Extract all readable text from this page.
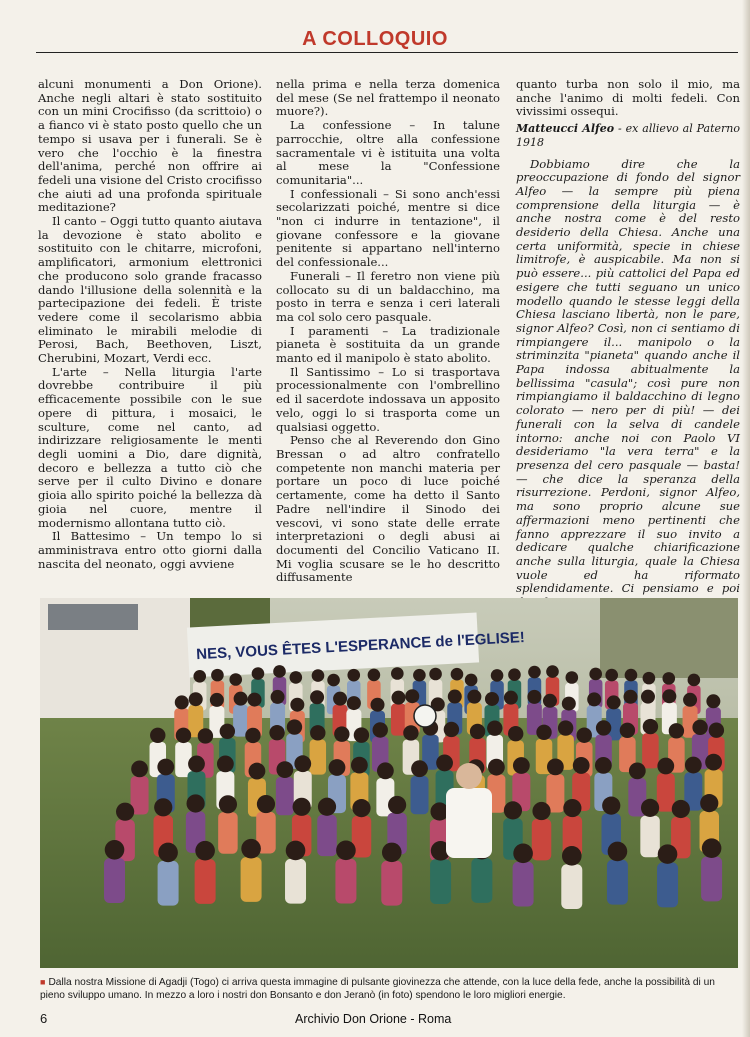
A COLLOQUIO

alcuni monumenti a Don Orione). Anche negli altari è stato sostituito con un mini Crocifisso (da scrittoio) o a fianco vi è stato posto quello che un tempo si usava per i funerali. Se è vero che l'occhio è la finestra dell'anima, perché non offrire ai fedeli una visione del Cristo crocifisso che aiuti ad una profonda spirituale meditazione?

Il canto – Oggi tutto quanto aiutava la devozione è stato abolito e sostituito con le chitarre, microfoni, amplificatori, armonium elettronici che producono solo grande fracasso dando l'illusione della solennità e la partecipazione dei fedeli. È triste vedere come il secolarismo abbia eliminato le mirabili melodie di Perosi, Bach, Beethoven, Liszt, Cherubini, Mozart, Verdi ecc.

L'arte – Nella liturgia l'arte dovrebbe contribuire il più efficacemente possibile con le sue opere di pittura, i mosaici, le sculture, come nel canto, ad indirizzare religiosamente le menti degli uomini a Dio, dare dignità, decoro e bellezza a tutto ciò che serve per il culto Divino e donare gioia allo spirito poiché la bellezza dà gioia nel cuore, mentre il modernismo allontana tutto ciò.

Il Battesimo – Un tempo lo si amministrava entro otto giorni dalla nascita del neonato, oggi avviene

nella prima e nella terza domenica del mese (Se nel frattempo il neonato muore?).

La confessione – In talune parrocchie, oltre alla confessione sacramentale vi è istituita una volta al mese la "Confessione comunitaria"...

I confessionali – Si sono anch'essi secolarizzati poiché, mentre si dice "non ci indurre in tentazione", il giovane confessore e la giovane penitente si appartano nell'interno del confessionale...

Funerali – Il feretro non viene più collocato su di un baldacchino, ma posto in terra e senza i ceri laterali ma col solo cero pasquale.

I paramenti – La tradizionale pianeta è sostituita da un grande manto ed il manipolo è stato abolito.

Il Santissimo – Lo si trasportava processionalmente con l'ombrellino ed il sacerdote indossava un apposito velo, oggi lo si trasporta come un qualsiasi oggetto.

Penso che al Reverendo don Gino Bressan o ad altro confratello competente non manchi materia per portare un poco di luce poiché certamente, come ha detto il Santo Padre nell'indire il Sinodo dei vescovi, vi sono state delle errate interpretazioni o degli abusi ai documenti del Concilio Vaticano II. Mi voglia scusare se le ho descritto diffusamente

quanto turba non solo il mio, ma anche l'animo di molti fedeli. Con vivissimi ossequi.

Matteucci Alfeo - ex allievo al Paterno 1918

Dobbiamo dire che la preoccupazione di fondo del signor Alfeo — la sempre più piena comprensione della liturgia — è anche nostra come è del resto desiderio della Chiesa. Anche una certa uniformità, specie in chiese limitrofe, è auspicabile. Ma non si può essere... più cattolici del Papa ed esigere che tutti seguano un unico modello quando le stesse leggi della Chiesa lasciano libertà, non le pare, signor Alfeo? Così, non ci sentiamo di rimpiangere il... manipolo o la striminzita "pianeta" quando anche il Papa indossa abitualmente la bellissima "casula"; così pure non rimpiangiamo il baldacchino di legno colorato — nero per di più! — dei funerali con la selva di candele intorno: anche noi con Paolo VI desideriamo "la vera terra" e la presenza del cero pasquale — basta! — che dice la speranza della risurrezione. Perdoni, signor Alfeo, ma sono proprio alcune sue affermazioni meno pertinenti che fanno apprezzare il suo invito a dedicare qualche chiarificazione anche sulla liturgia, quale la Chiesa vuole ed ha riformato splendidamente. Ci pensiamo e poi

NES, VOUS ÊTES L'ESPERANCE de l'EGLISE!
■ Dalla nostra Missione di Agadji (Togo) ci arriva questa immagine di pulsante giovinezza che attende, con la luce della fede, anche la possibilità di un pieno sviluppo umano. In mezzo a loro i nostri don Bonsanto e don Jeranò (in foto) spendono le loro migliori energie.
6	Archivio Don Orione - Roma
